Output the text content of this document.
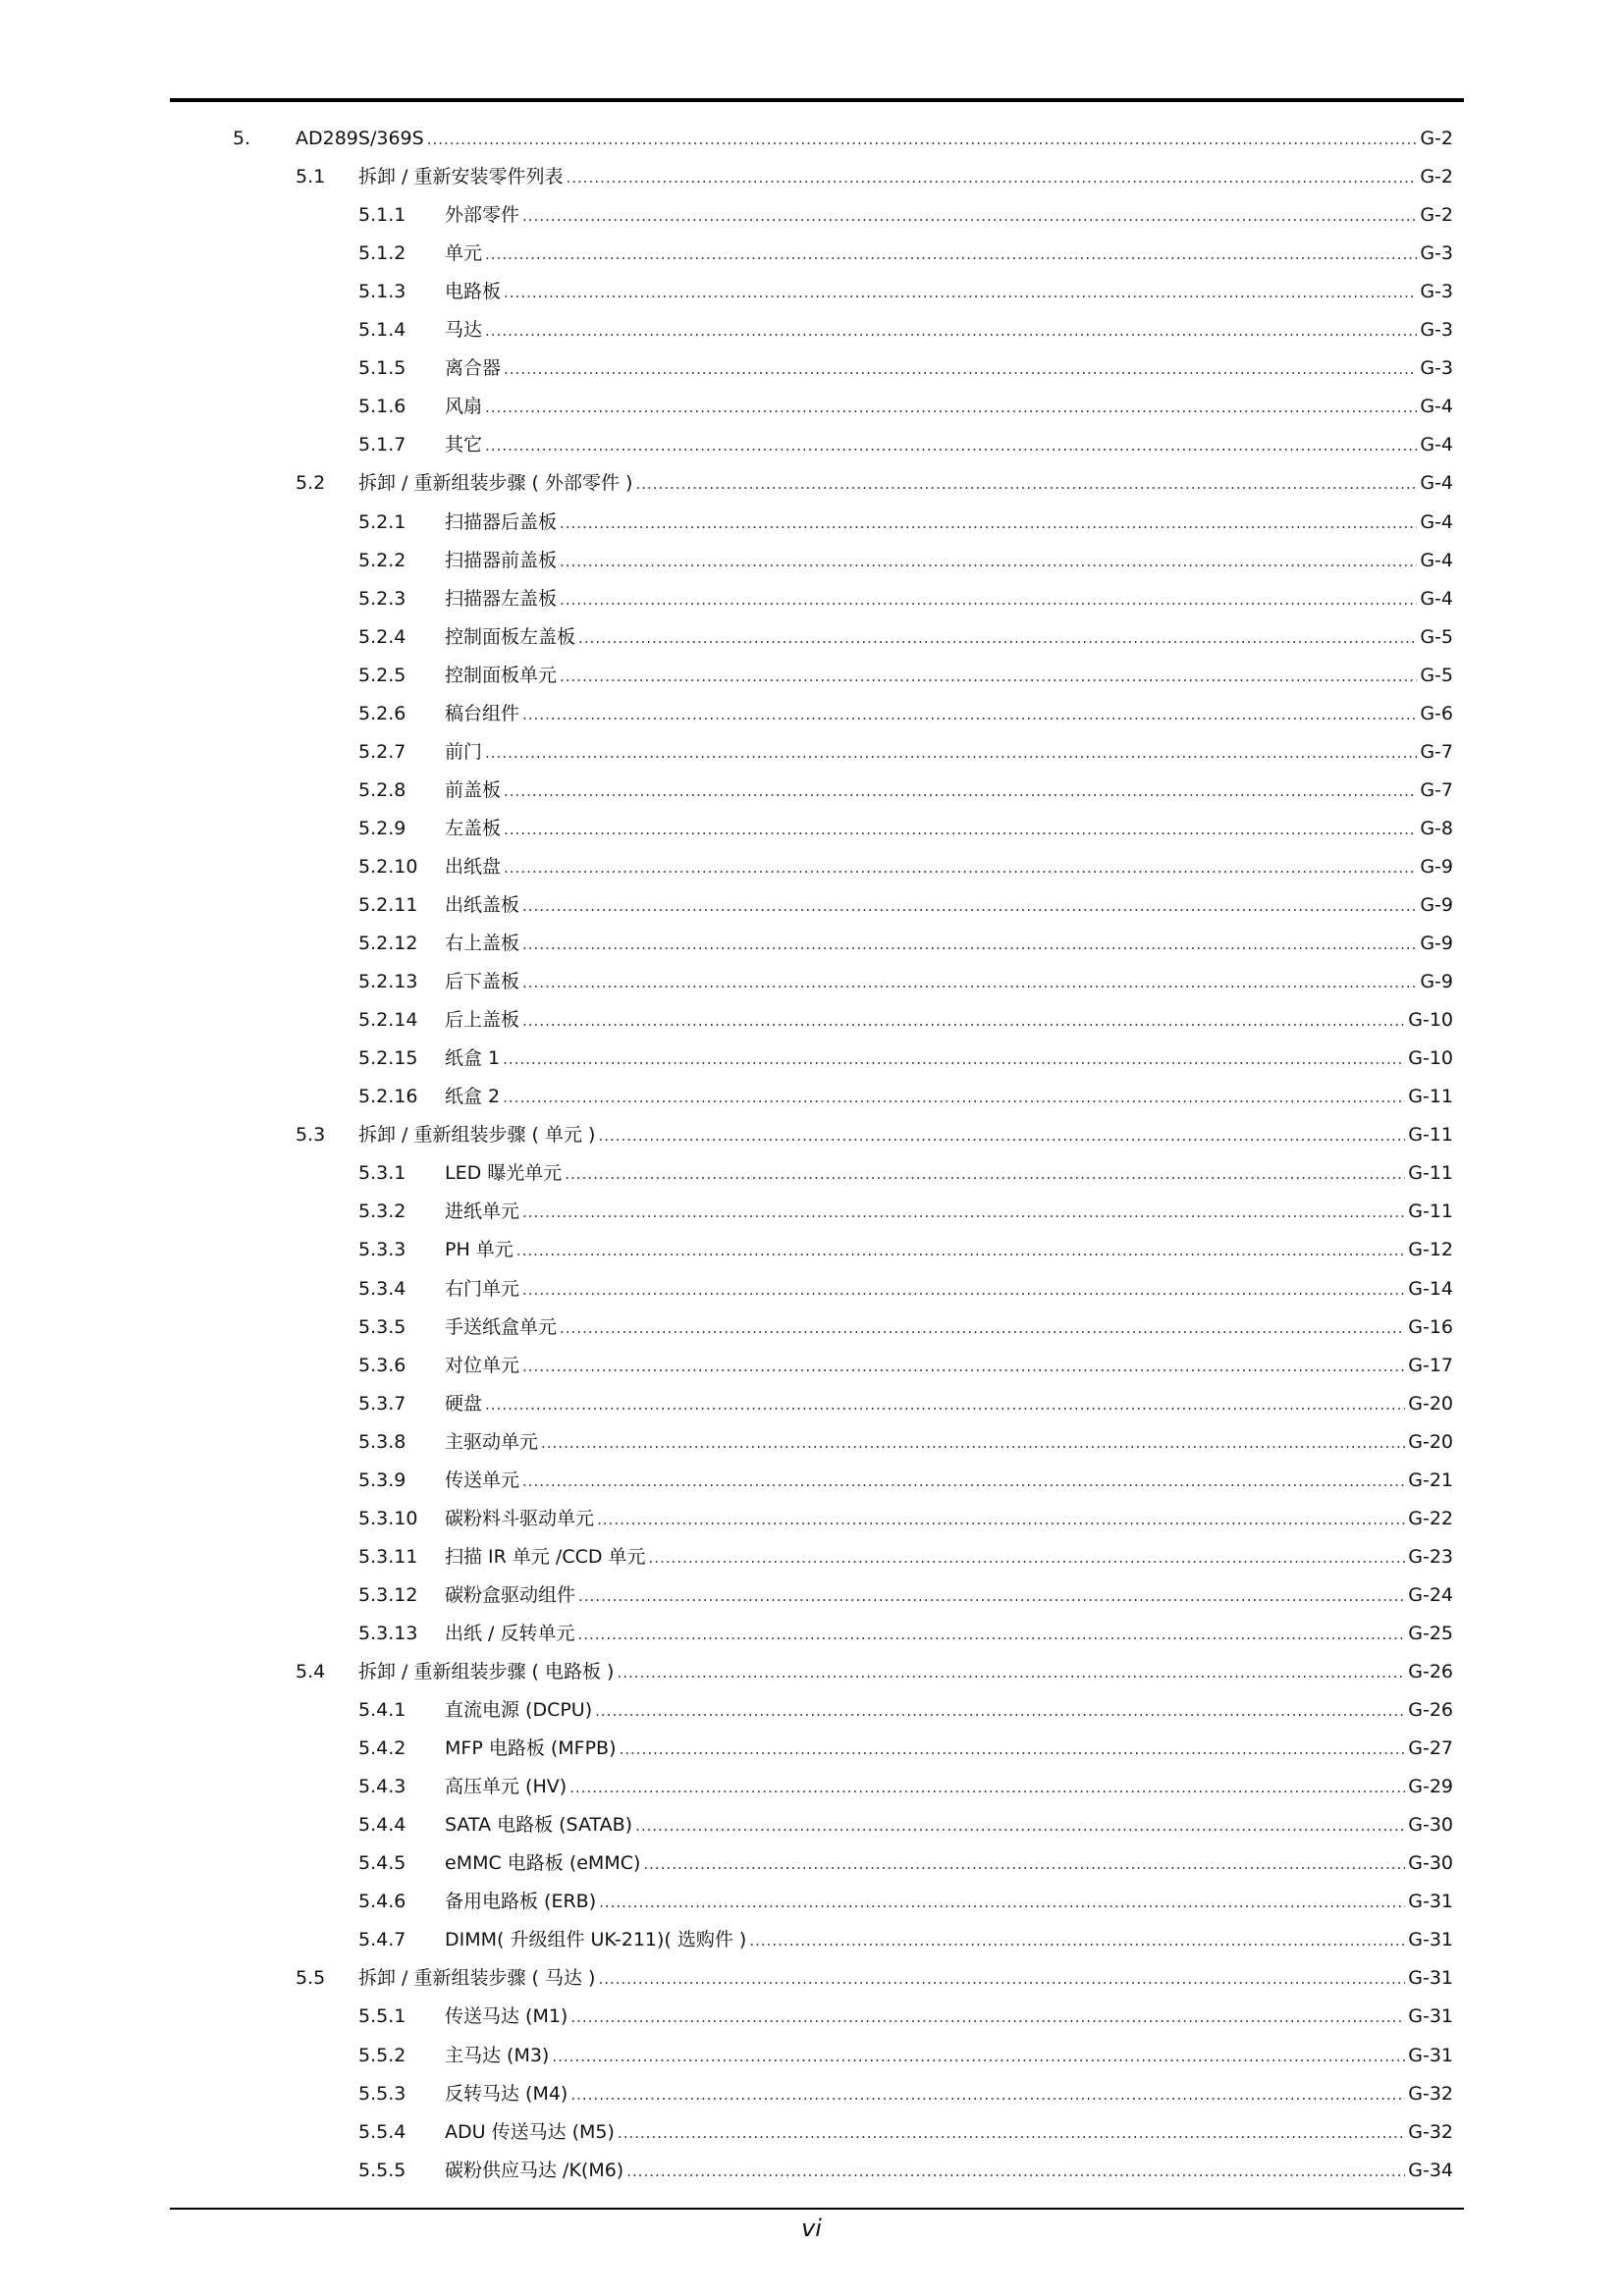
5. AD289S/369S .....	G-2
5.1 拆卸 / 重新安装零件列表 .....	G-2
5.1.1 外部零件 .....	G-2
5.1.2 单元 .....	G-3
5.1.3 电路板 .....	G-3
5.1.4 马达 .....	G-3
5.1.5 离合器 .....	G-3
5.1.6 风扇 .....	G-4
5.1.7 其它 .....	G-4
5.2 拆卸 / 重新组装步骤 ( 外部零件 ) .....	G-4
5.2.1 扫描器后盖板 .....	G-4
5.2.2 扫描器前盖板 .....	G-4
5.2.3 扫描器左盖板 .....	G-4
5.2.4 控制面板左盖板 .....	G-5
5.2.5 控制面板单元 .....	G-5
5.2.6 稿台组件 .....	G-6
5.2.7 前门 .....	G-7
5.2.8 前盖板 .....	G-7
5.2.9 左盖板 .....	G-8
5.2.10 出纸盘 .....	G-9
5.2.11 出纸盖板 .....	G-9
5.2.12 右上盖板 .....	G-9
5.2.13 后下盖板 .....	G-9
5.2.14 后上盖板 .....	G-10
5.2.15 纸盒 1 .....	G-10
5.2.16 纸盒 2 .....	G-11
5.3 拆卸 / 重新组装步骤 ( 单元 ) .....	G-11
5.3.1 LED 曝光单元 .....	G-11
5.3.2 进纸单元 .....	G-11
5.3.3 PH 单元 .....	G-12
5.3.4 右门单元 .....	G-14
5.3.5 手送纸盒单元 .....	G-16
5.3.6 对位单元 .....	G-17
5.3.7 硬盘 .....	G-20
5.3.8 主驱动单元 .....	G-20
5.3.9 传送单元 .....	G-21
5.3.10 碳粉料斗驱动单元 .....	G-22
5.3.11 扫描 IR 单元 /CCD 单元 .....	G-23
5.3.12 碳粉盒驱动组件 .....	G-24
5.3.13 出纸 / 反转单元 .....	G-25
5.4 拆卸 / 重新组装步骤 ( 电路板 ) .....	G-26
5.4.1 直流电源 (DCPU) .....	G-26
5.4.2 MFP 电路板 (MFPB) .....	G-27
5.4.3 高压单元 (HV) .....	G-29
5.4.4 SATA 电路板 (SATAB) .....	G-30
5.4.5 eMMC 电路板 (eMMC) .....	G-30
5.4.6 备用电路板 (ERB) .....	G-31
5.4.7 DIMM( 升级组件 UK-211)( 选购件 ) .....	G-31
5.5 拆卸 / 重新组装步骤 ( 马达 ) .....	G-31
5.5.1 传送马达 (M1) .....	G-31
5.5.2 主马达 (M3) .....	G-31
5.5.3 反转马达 (M4) .....	G-32
5.5.4 ADU 传送马达 (M5) .....	G-32
5.5.5 碳粉供应马达 /K(M6) .....	G-34
vi
